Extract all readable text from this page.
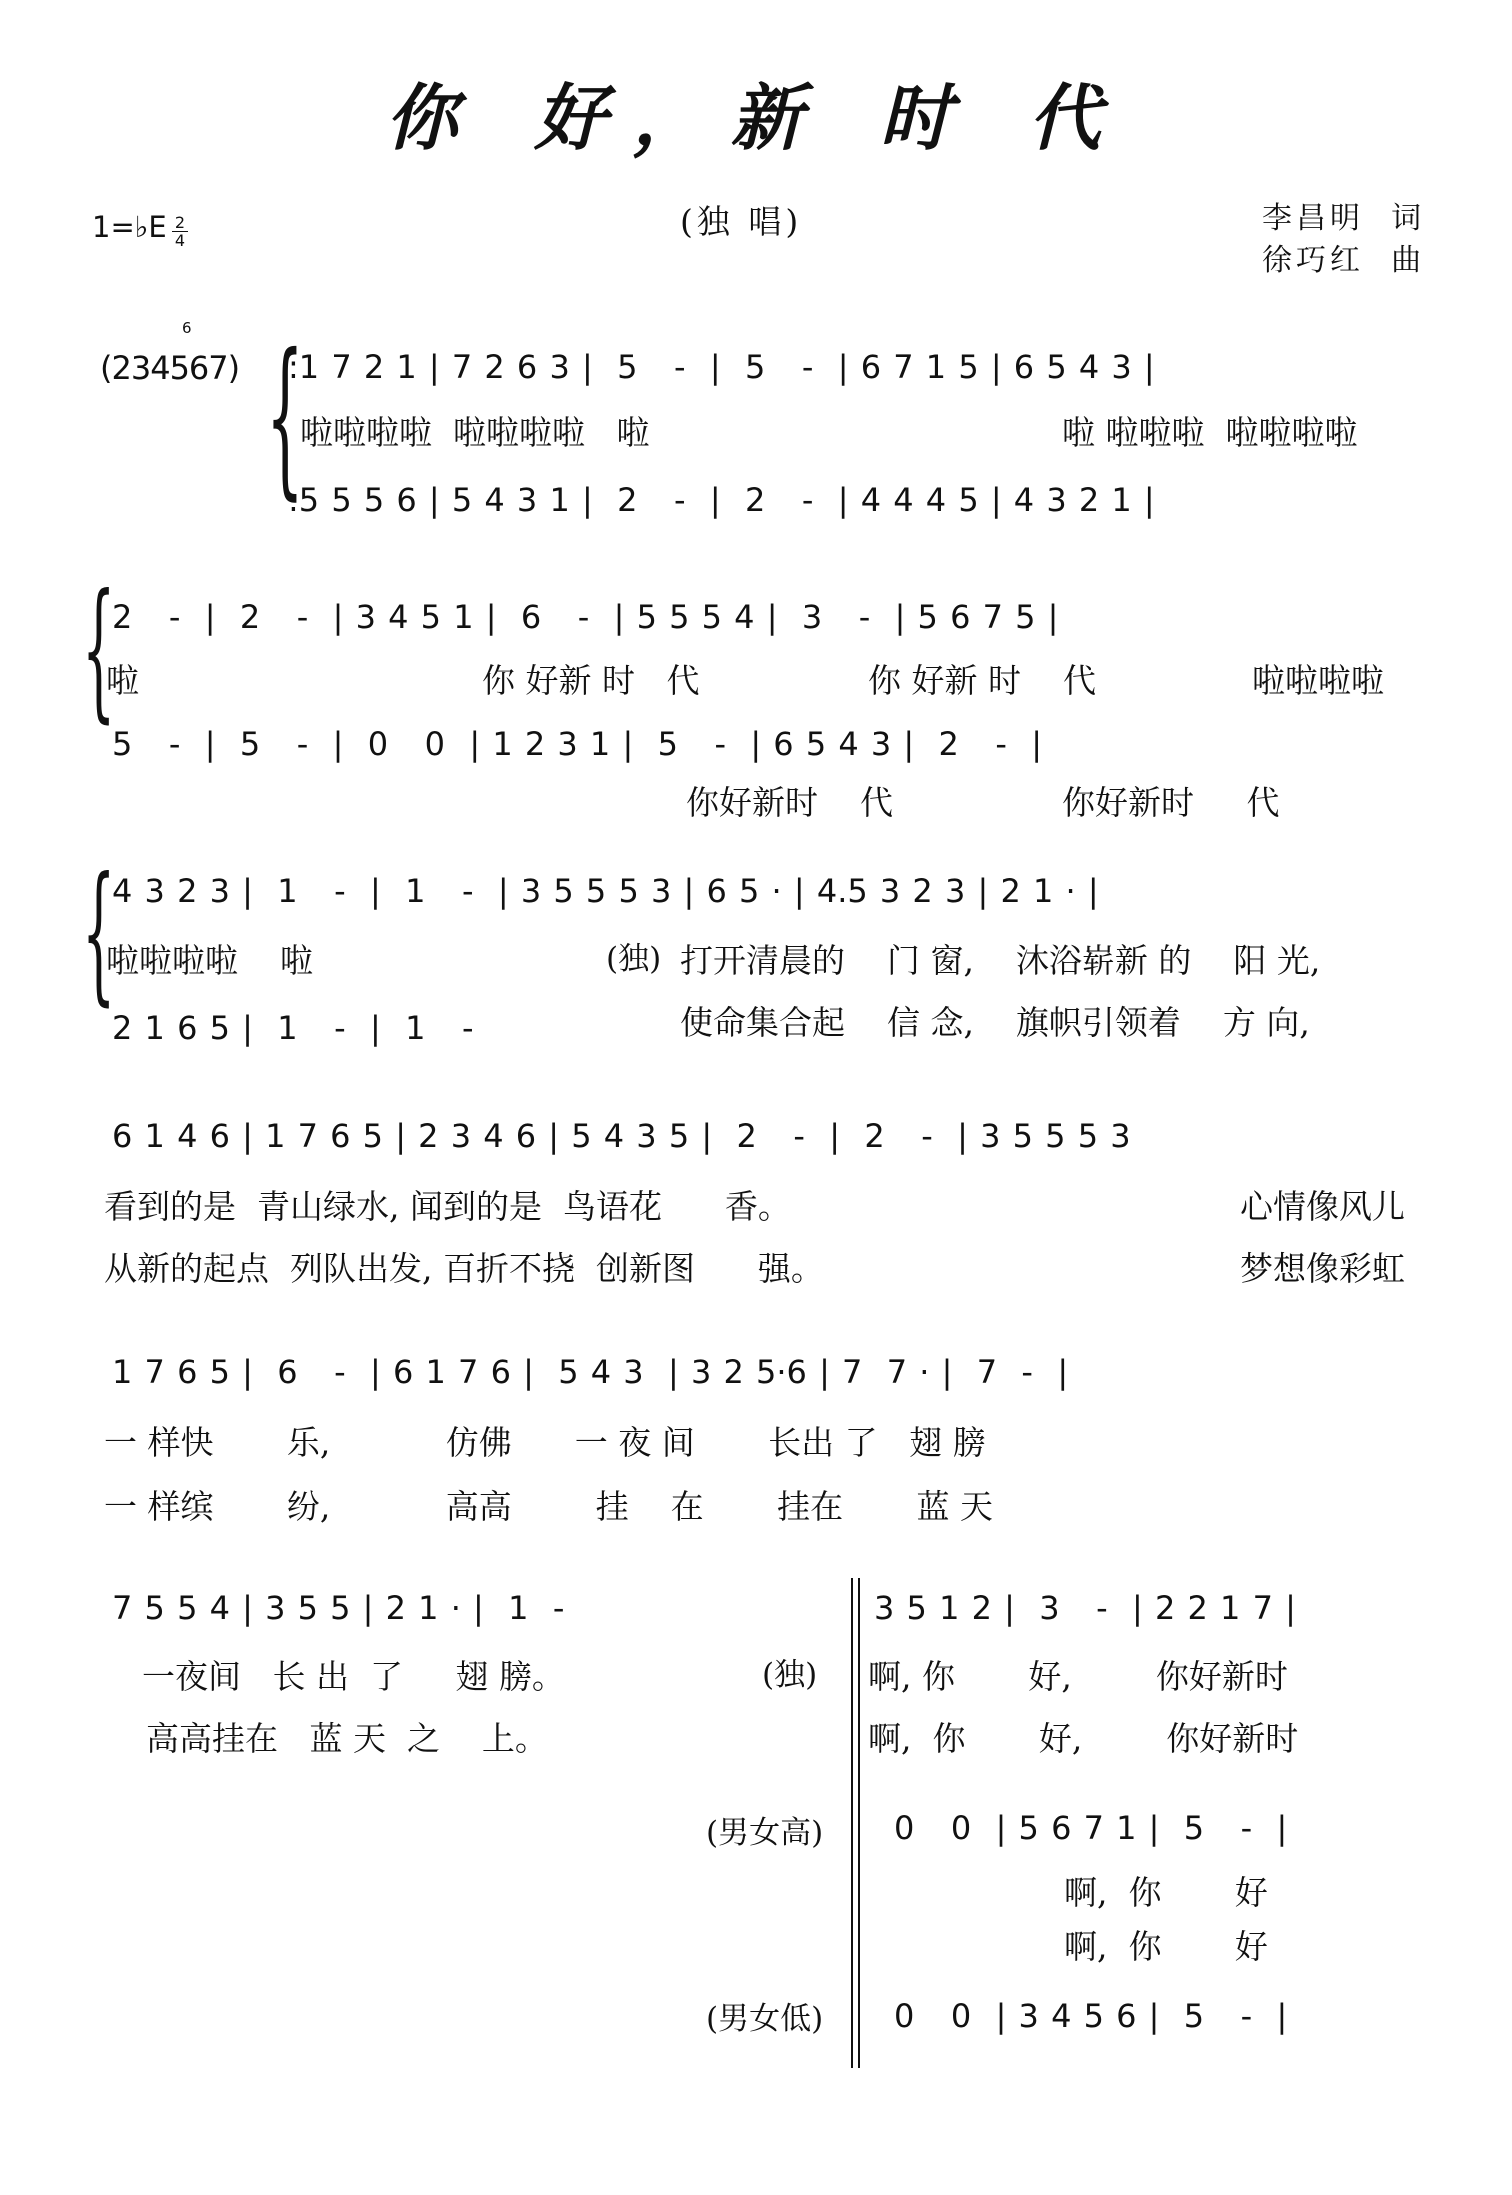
你 好，新 时 代
1=♭E 2
4	(独 唱)	李昌明  词
徐巧红  曲
6
(234567) {
:1 7 2 1 | 7 2 6 3 |  5   -  |  5   -  | 6 7 1 5 | 6 5 4 3 |
啦啦啦啦  啦啦啦啦   啦	啦 啦啦啦  啦啦啦啦
:5 5 5 6 | 5 4 3 1 |  2   -  |  2   -  | 4 4 4 5 | 4 3 2 1 |
{
2   -  |  2   -  | 3 4 5 1 |  6   -  | 5 5 5 4 |  3   -  | 5 6 7 5 |
啦	你 好新 时   代	你 好新 时    代	啦啦啦啦
5   -  |  5   -  |  0   0  | 1 2 3 1 |  5   -  | 6 5 4 3 |  2   -  |
你好新时    代	你好新时     代
{
4 3 2 3 |  1   -  |  1   -  | 3 5 5 5 3 | 6 5 · | 4.5 3 2 3 | 2 1 · |
啦啦啦啦    啦	(独) 打开清晨的    门 窗,    沐浴崭新 的    阳 光,
2 1 6 5 |  1   -  |  1   -	使命集合起    信 念,    旗帜引领着    方 向,
6 1 4 6 | 1 7 6 5 | 2 3 4 6 | 5 4 3 5 |  2   -  |  2   -  | 3 5 5 5 3
看到的是  青山绿水, 闻到的是  鸟语花      香。	心情像风儿
从新的起点  列队出发, 百折不挠  创新图      强。	梦想像彩虹
1 7 6 5 |  6   -  | 6 1 7 6 |  5 4 3  | 3 2 5·6 | 7  7 · |  7  -  |
一 样快       乐,           仿佛      一 夜 间       长出 了   翅 膀
一 样缤       纷,           高高        挂    在       挂在       蓝 天
7 5 5 4 | 3 5 5 | 2 1 · |  1  -
一夜间   长 出  了     翅 膀。	(独)
高高挂在   蓝 天  之    上。
3 5 1 2 |  3   -  | 2 2 1 7 |
啊, 你       好,        你好新时
啊,  你       好,        你好新时
(男女高) 0   0  | 5 6 7 1 |  5   -  |
啊,  你       好
啊,  你       好
(男女低) 0   0  | 3 4 5 6 |  5   -  |
